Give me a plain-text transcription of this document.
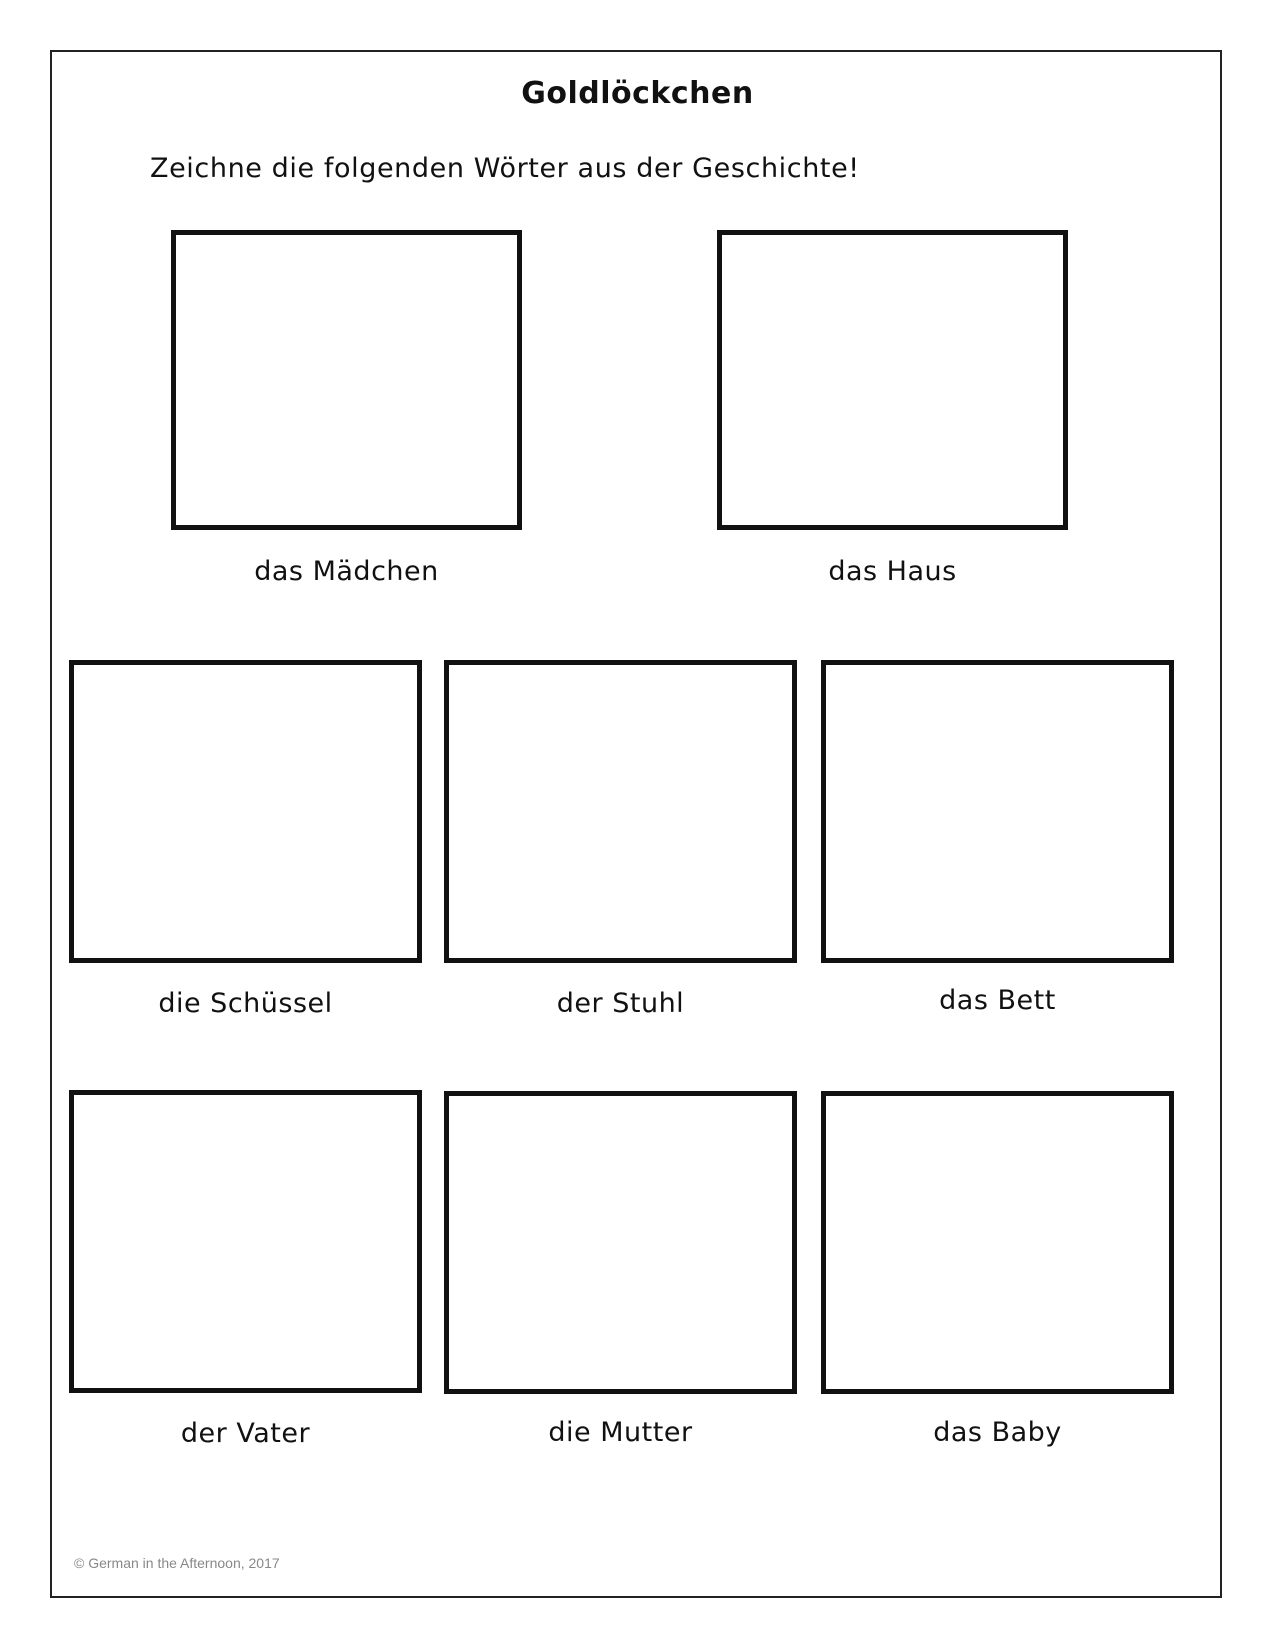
Goldlöckchen
Zeichne die folgenden Wörter aus der Geschichte!
das Mädchen	das Haus
die Schüssel	der Stuhl	das Bett
der Vater	die Mutter	das Baby
© German in the Afternoon, 2017
